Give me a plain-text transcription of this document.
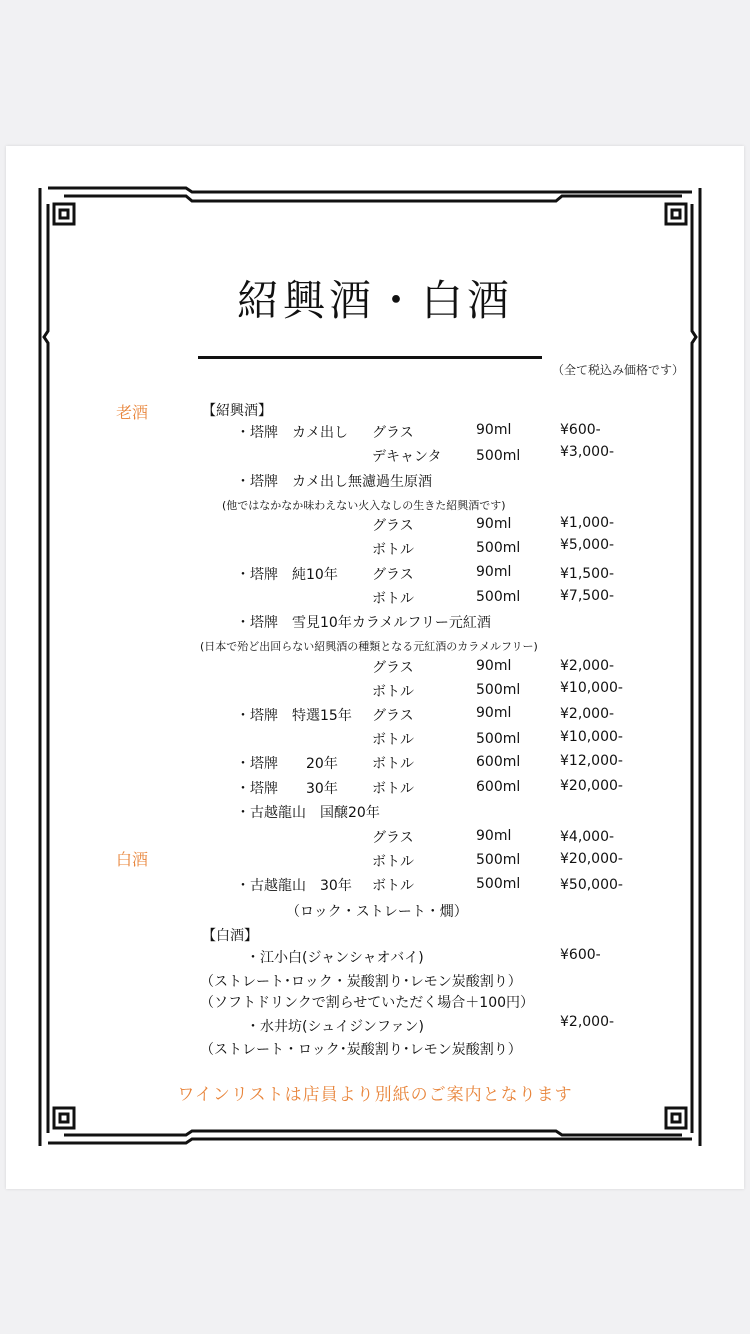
紹興酒・白酒
（全て税込み価格です）
老酒
白酒
【紹興酒】
・塔牌　カメ出し グラス	90ml	¥600-
デキャンタ 500ml	¥3,000-
・塔牌　カメ出し無濾過生原酒
(他ではなかなか味わえない火入なしの生きた紹興酒です)
グラス	90ml	¥1,000-
ボトル	500ml	¥5,000-
・塔牌　純10年 グラス	90ml	¥1,500-
ボトル	500ml	¥7,500-
・塔牌　雪見10年カラメルフリー元紅酒
(日本で殆ど出回らない紹興酒の種類となる元紅酒のカラメルフリー)
グラス	90ml	¥2,000-
ボトル	500ml	¥10,000-
・塔牌　特選15年 グラス	90ml	¥2,000-
ボトル	500ml	¥10,000-
・塔牌　　20年 ボトル	600ml	¥12,000-
・塔牌　　30年 ボトル	600ml	¥20,000-
・古越龍山　国醸20年
グラス	90ml	¥4,000-
ボトル	500ml	¥20,000-
・古越龍山　30年 ボトル	500ml	¥50,000-
（ロック・ストレート・燗）
【白酒】
・江小白(ジャンシャオバイ)	¥600-
（ストレート･ロック・炭酸割り･レモン炭酸割り）
（ソフトドリンクで割らせていただく場合＋100円）
・水井坊(シュイジンファン)	¥2,000-
（ストレート・ロック･炭酸割り･レモン炭酸割り）
ワインリストは店員より別紙のご案内となります
